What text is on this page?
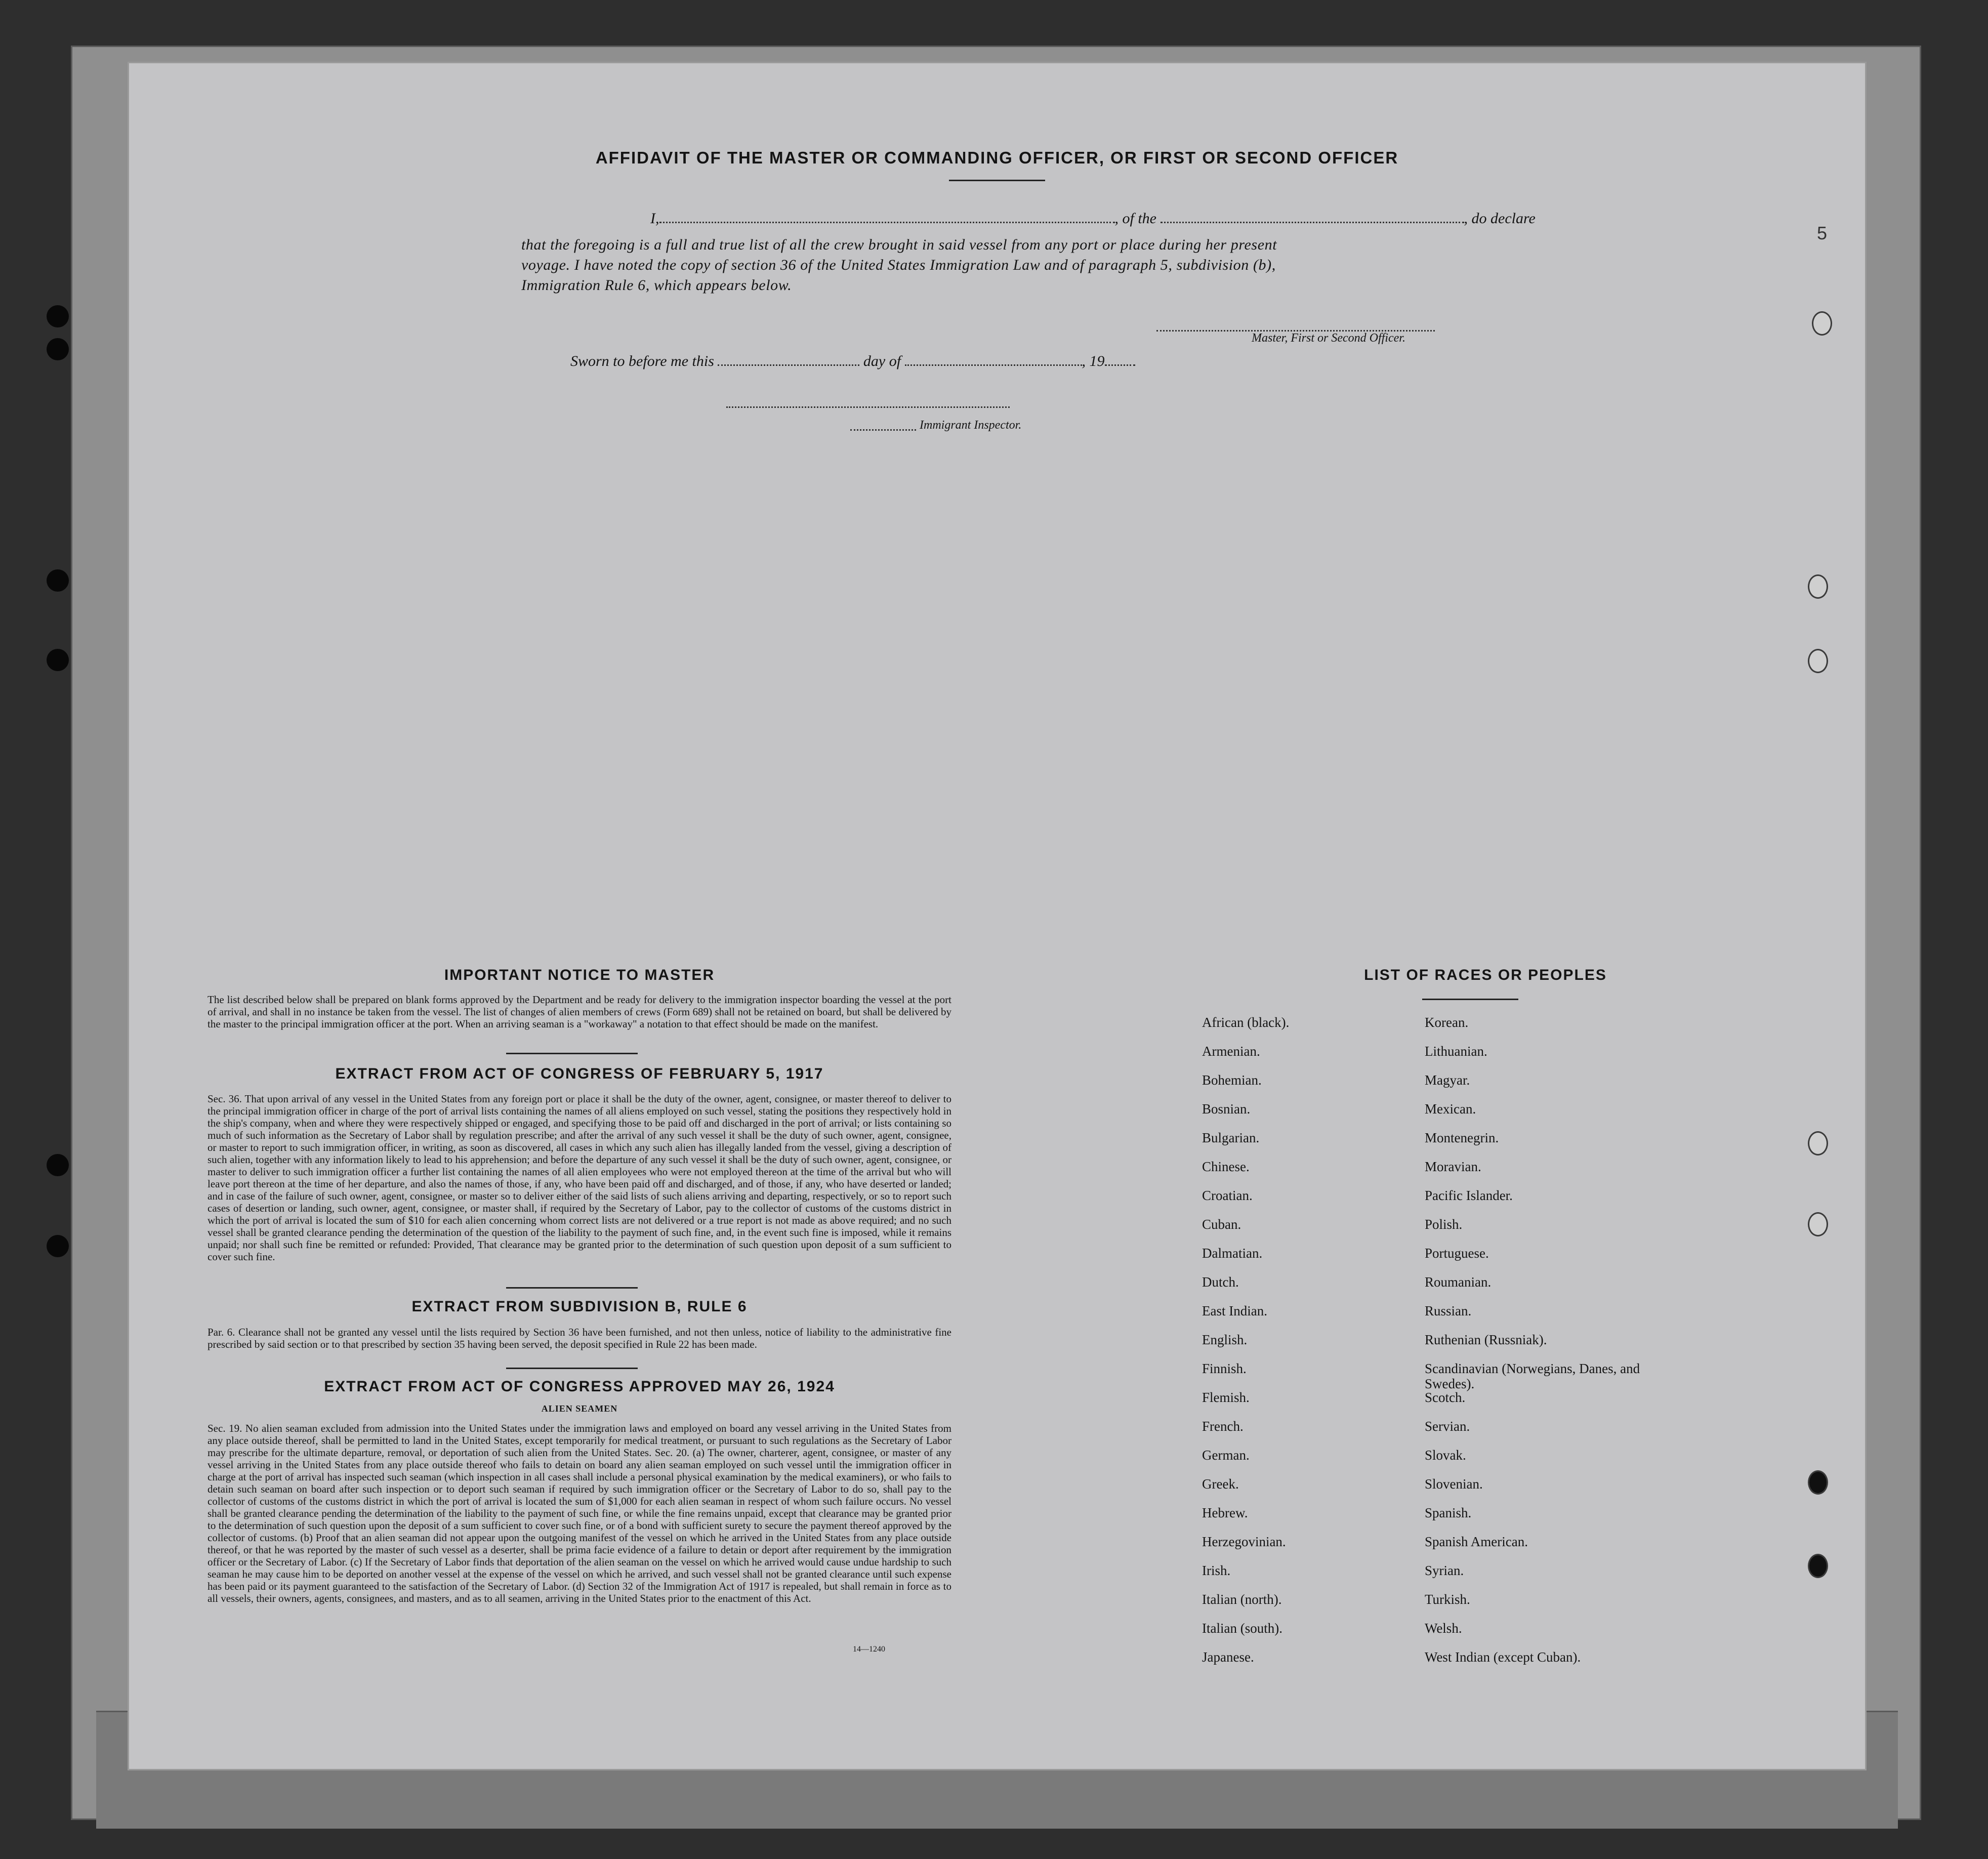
5
AFFIDAVIT OF THE MASTER OR COMMANDING OFFICER, OR FIRST OR SECOND OFFICER
I,	, of the	, do declare
that the foregoing is a full and true list of all the crew brought in said vessel from any port or place during her present
voyage. I have noted the copy of section 36 of the United States Immigration Law and of paragraph 5, subdivision (b),
Immigration Rule 6, which appears below.
Master, First or Second Officer.
Sworn to before me this	day of	, 19
Immigrant Inspector.
IMPORTANT NOTICE TO MASTER
The list described below shall be prepared on blank forms approved by the Department and be ready for delivery to the immigration inspector boarding the vessel at the port of arrival, and shall in no instance be taken from the vessel. The list of changes of alien members of crews (Form 689) shall not be retained on board, but shall be delivered by the master to the principal immigration officer at the port. When an arriving seaman is a "workaway" a notation to that effect should be made on the manifest.
EXTRACT FROM ACT OF CONGRESS OF FEBRUARY 5, 1917
Sec. 36. That upon arrival of any vessel in the United States from any foreign port or place it shall be the duty of the owner, agent, consignee, or master thereof to deliver to the principal immigration officer in charge of the port of arrival lists containing the names of all aliens employed on such vessel, stating the positions they respectively hold in the ship's company, when and where they were respectively shipped or engaged, and specifying those to be paid off and discharged in the port of arrival; or lists containing so much of such information as the Secretary of Labor shall by regulation prescribe; and after the arrival of any such vessel it shall be the duty of such owner, agent, consignee, or master to report to such immigration officer, in writing, as soon as discovered, all cases in which any such alien has illegally landed from the vessel, giving a description of such alien, together with any information likely to lead to his apprehension; and before the departure of any such vessel it shall be the duty of such owner, agent, consignee, or master to deliver to such immigration officer a further list containing the names of all alien employees who were not employed thereon at the time of the arrival but who will leave port thereon at the time of her departure, and also the names of those, if any, who have been paid off and discharged, and of those, if any, who have deserted or landed; and in case of the failure of such owner, agent, consignee, or master so to deliver either of the said lists of such aliens arriving and departing, respectively, or so to report such cases of desertion or landing, such owner, agent, consignee, or master shall, if required by the Secretary of Labor, pay to the collector of customs of the customs district in which the port of arrival is located the sum of $10 for each alien concerning whom correct lists are not delivered or a true report is not made as above required; and no such vessel shall be granted clearance pending the determination of the question of the liability to the payment of such fine, and, in the event such fine is imposed, while it remains unpaid; nor shall such fine be remitted or refunded: Provided, That clearance may be granted prior to the determination of such question upon deposit of a sum sufficient to cover such fine.
EXTRACT FROM SUBDIVISION B, RULE 6
Par. 6. Clearance shall not be granted any vessel until the lists required by Section 36 have been furnished, and not then unless, notice of liability to the administrative fine prescribed by said section or to that prescribed by section 35 having been served, the deposit specified in Rule 22 has been made.
EXTRACT FROM ACT OF CONGRESS APPROVED MAY 26, 1924
ALIEN SEAMEN
Sec. 19. No alien seaman excluded from admission into the United States under the immigration laws and employed on board any vessel arriving in the United States from any place outside thereof, shall be permitted to land in the United States, except temporarily for medical treatment, or pursuant to such regulations as the Secretary of Labor may prescribe for the ultimate departure, removal, or deportation of such alien from the United States. Sec. 20. (a) The owner, charterer, agent, consignee, or master of any vessel arriving in the United States from any place outside thereof who fails to detain on board any alien seaman employed on such vessel until the immigration officer in charge at the port of arrival has inspected such seaman (which inspection in all cases shall include a personal physical examination by the medical examiners), or who fails to detain such seaman on board after such inspection or to deport such seaman if required by such immigration officer or the Secretary of Labor to do so, shall pay to the collector of customs of the customs district in which the port of arrival is located the sum of $1,000 for each alien seaman in respect of whom such failure occurs. No vessel shall be granted clearance pending the determination of the liability to the payment of such fine, or while the fine remains unpaid, except that clearance may be granted prior to the determination of such question upon the deposit of a sum sufficient to cover such fine, or of a bond with sufficient surety to secure the payment thereof approved by the collector of customs. (b) Proof that an alien seaman did not appear upon the outgoing manifest of the vessel on which he arrived in the United States from any place outside thereof, or that he was reported by the master of such vessel as a deserter, shall be prima facie evidence of a failure to detain or deport after requirement by the immigration officer or the Secretary of Labor. (c) If the Secretary of Labor finds that deportation of the alien seaman on the vessel on which he arrived would cause undue hardship to such seaman he may cause him to be deported on another vessel at the expense of the vessel on which he arrived, and such vessel shall not be granted clearance until such expense has been paid or its payment guaranteed to the satisfaction of the Secretary of Labor. (d) Section 32 of the Immigration Act of 1917 is repealed, but shall remain in force as to all vessels, their owners, agents, consignees, and masters, and as to all seamen, arriving in the United States prior to the enactment of this Act.
14—1240
LIST OF RACES OR PEOPLES
African (black).	Korean.
Armenian.	Lithuanian.
Bohemian.	Magyar.
Bosnian.	Mexican.
Bulgarian.	Montenegrin.
Chinese.	Moravian.
Croatian.	Pacific Islander.
Cuban.	Polish.
Dalmatian.	Portuguese.
Dutch.	Roumanian.
East Indian.	Russian.
English.	Ruthenian (Russniak).
Finnish.	Scandinavian (Norwegians, Danes, and Swedes).
Flemish.	Scotch.
French.	Servian.
German.	Slovak.
Greek.	Slovenian.
Hebrew.	Spanish.
Herzegovinian.	Spanish American.
Irish.	Syrian.
Italian (north).	Turkish.
Italian (south).	Welsh.
Japanese.	West Indian (except Cuban).
